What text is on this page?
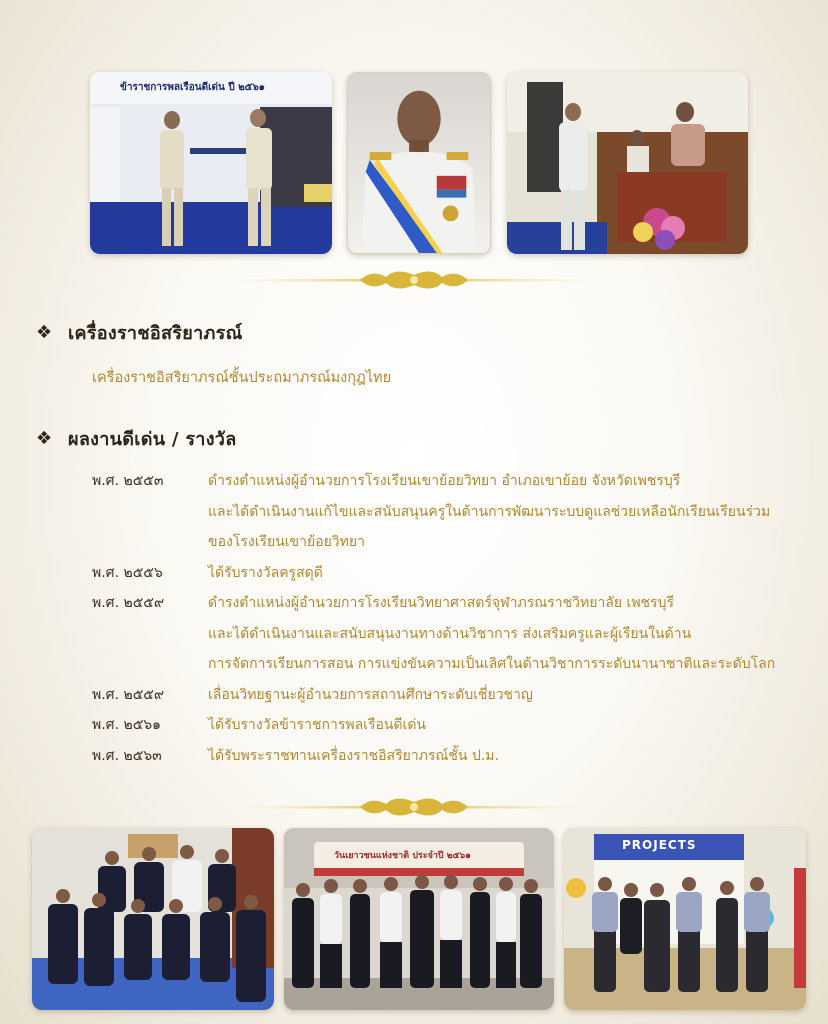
ข้าราชการพลเรือนดีเด่น ปี ๒๕๖๑
❖ เครื่องราชอิสริยาภรณ์
เครื่องราชอิสริยาภรณ์ชั้นประถมาภรณ์มงกุฎไทย
❖ ผลงานดีเด่น / รางวัล
พ.ศ. ๒๕๕๓	ดำรงตำแหน่งผู้อำนวยการโรงเรียนเขาย้อยวิทยา อำเภอเขาย้อย จังหวัดเพชรบุรี
และได้ดำเนินงานแก้ไขและสนับสนุนครูในด้านการพัฒนาระบบดูแลช่วยเหลือนักเรียนเรียนร่วม
ของโรงเรียนเขาย้อยวิทยา
พ.ศ. ๒๕๕๖	ได้รับรางวัลครูสดุดี
พ.ศ. ๒๕๕๙	ดำรงตำแหน่งผู้อำนวยการโรงเรียนวิทยาศาสตร์จุฬาภรณราชวิทยาลัย เพชรบุรี
และได้ดำเนินงานและสนับสนุนงานทางด้านวิชาการ ส่งเสริมครูและผู้เรียนในด้าน
การจัดการเรียนการสอน การแข่งขันความเป็นเลิศในด้านวิชาการระดับนานาชาติและระดับโลก
พ.ศ. ๒๕๕๙	เลื่อนวิทยฐานะผู้อำนวยการสถานศึกษาระดับเชี่ยวชาญ
พ.ศ. ๒๕๖๑	ได้รับรางวัลข้าราชการพลเรือนดีเด่น
พ.ศ. ๒๕๖๓	ได้รับพระราชทานเครื่องราชอิสริยาภรณ์ชั้น ป.ม.
วันเยาวชนแห่งชาติ ประจำปี ๒๕๖๑
PROJECTS
